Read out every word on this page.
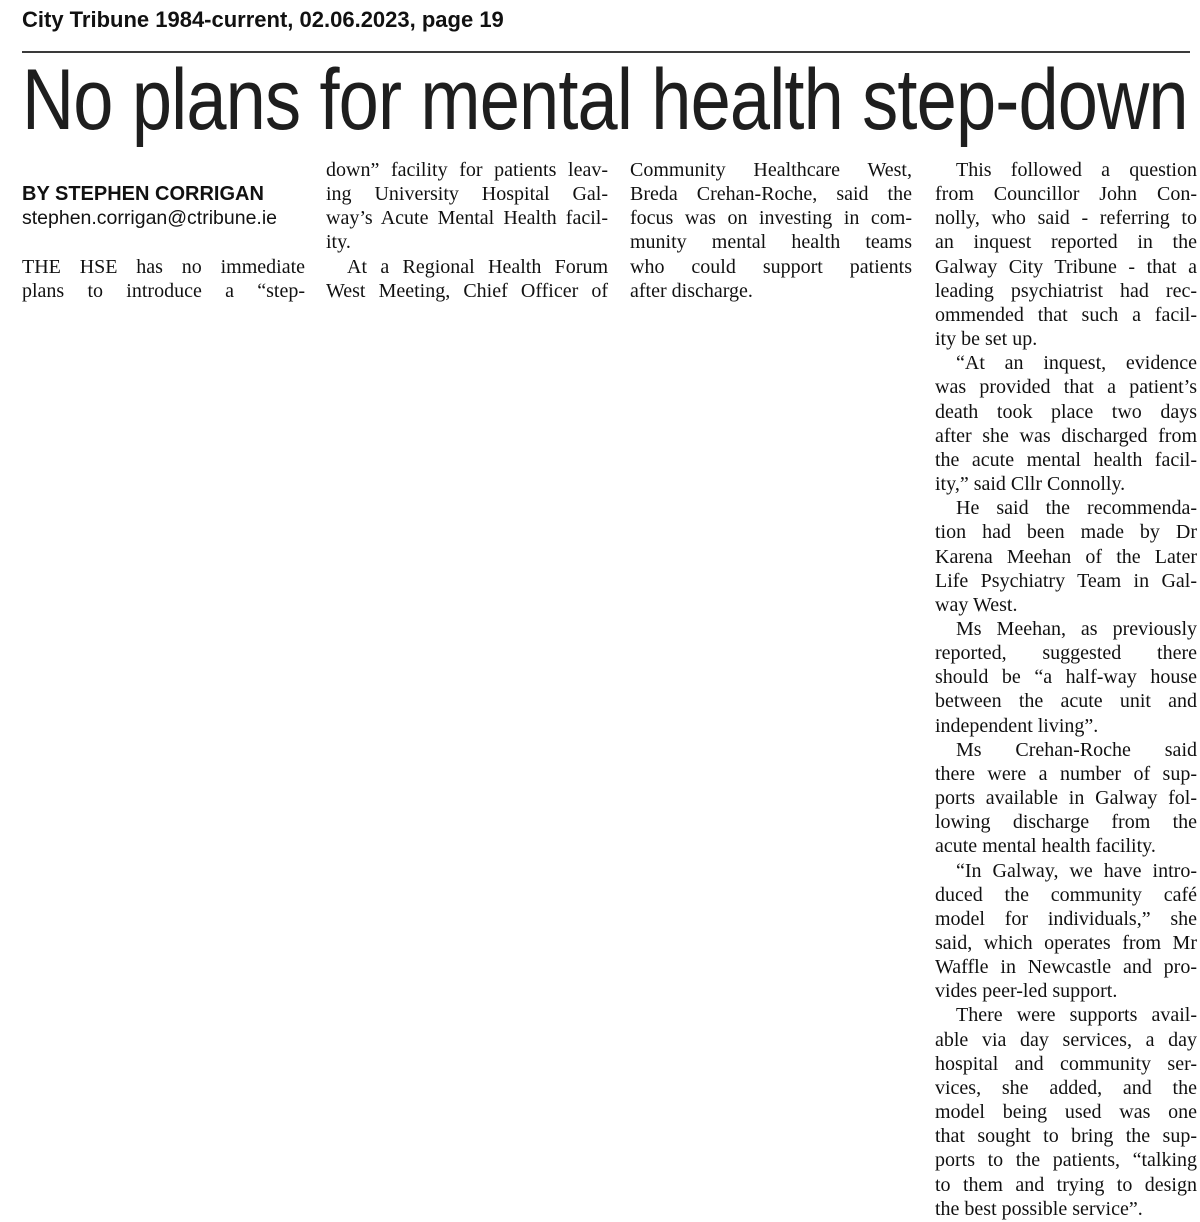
City Tribune 1984-current, 02.06.2023, page 19
No plans for mental health step-down
BY STEPHEN CORRIGAN
stephen.corrigan@ctribune.ie
THE HSE has no immediate
plans to introduce a “step-
down” facility for patients leav-
ing University Hospital Gal-
way’s Acute Mental Health facil-
ity.
At a Regional Health Forum
West Meeting, Chief Officer of
Community Healthcare West,
Breda Crehan-Roche, said the
focus was on investing in com-
munity mental health teams
who could support patients
after discharge.
This followed a question
from Councillor John Con-
nolly, who said - referring to
an inquest reported in the
Galway City Tribune - that a
leading psychiatrist had rec-
ommended that such a facil-
ity be set up.
“At an inquest, evidence
was provided that a patient’s
death took place two days
after she was discharged from
the acute mental health facil-
ity,” said Cllr Connolly.
He said the recommenda-
tion had been made by Dr
Karena Meehan of the Later
Life Psychiatry Team in Gal-
way West.
Ms Meehan, as previously
reported, suggested there
should be “a half-way house
between the acute unit and
independent living”.
Ms Crehan-Roche said
there were a number of sup-
ports available in Galway fol-
lowing discharge from the
acute mental health facility.
“In Galway, we have intro-
duced the community café
model for individuals,” she
said, which operates from Mr
Waffle in Newcastle and pro-
vides peer-led support.
There were supports avail-
able via day services, a day
hospital and community ser-
vices, she added, and the
model being used was one
that sought to bring the sup-
ports to the patients, “talking
to them and trying to design
the best possible service”.
